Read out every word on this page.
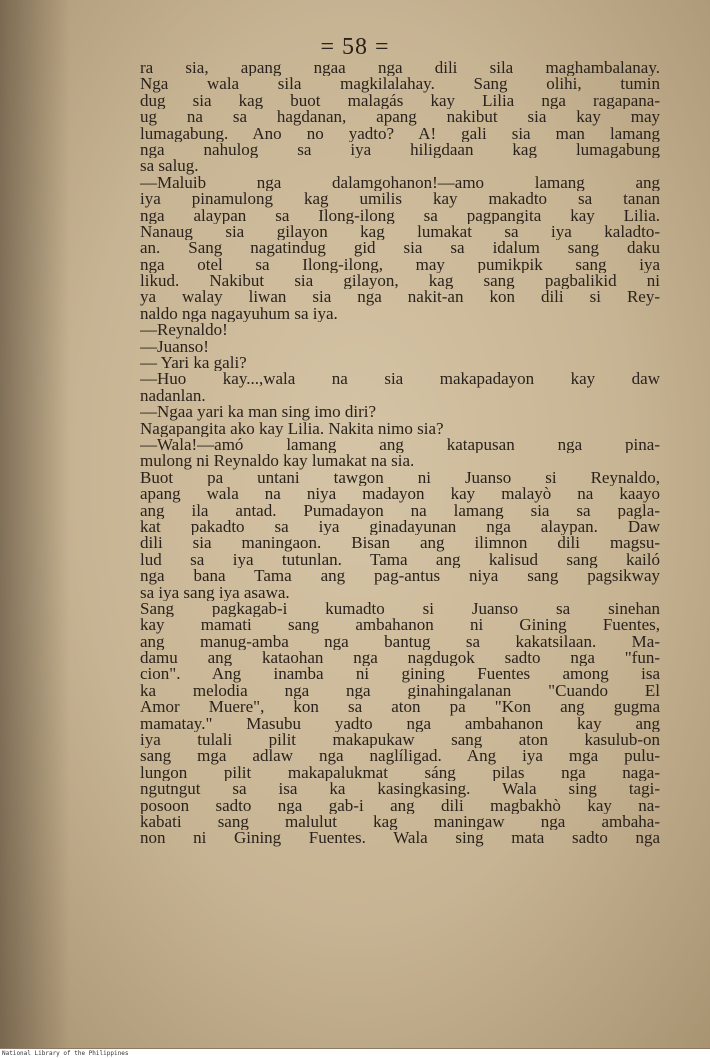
= 58 =
ra sia, apang ngaa nga dili sila maghambalanay.
Nga wala sila magkilalahay. Sang olihi, tumin
dug sia kag buot malagás kay Lilia nga ragapana-
ug na sa hagdanan, apang nakibut sia kay may
lumagabung. Ano no yadto? A! gali sia man lamang
nga nahulog sa iya hiligdaan kag lumagabung
sa salug.
—Maluib nga dalamgohanon!—amo lamang ang
iya pinamulong kag umilis kay makadto sa tanan
nga alaypan sa Ilong-ilong sa pagpangita kay Lilia.
Nanaug sia gilayon kag lumakat sa iya kaladto-
an. Sang nagatindug gid sia sa idalum sang daku
nga otel sa Ilong-ilong, may pumikpik sang iya
likud. Nakibut sia gilayon, kag sang pagbalikid ni
ya walay liwan sia nga nakit-an kon dili si Rey-
naldo nga nagayuhum sa iya.
—Reynaldo!
—Juanso!
— Yari ka gali?
—Huo kay...,wala na sia makapadayon kay daw
nadanlan.
—Ngaa yari ka man sing imo diri?
Nagapangita ako kay Lilia. Nakita nimo sia?
—Wala!—amó lamang ang katapusan nga pina-
mulong ni Reynaldo kay lumakat na sia.
Buot pa untani tawgon ni Juanso si Reynaldo,
apang wala na niya madayon kay malayò na kaayo
ang ila antad. Pumadayon na lamang sia sa pagla-
kat pakadto sa iya ginadayunan nga alaypan. Daw
dili sia maningaon. Bisan ang ilimnon dili magsu-
lud sa iya tutunlan. Tama ang kalisud sang kailó
nga bana Tama ang pag-antus niya sang pagsikway
sa iya sang iya asawa.
Sang pagkagab-i kumadto si Juanso sa sinehan
kay mamati sang ambahanon ni Gining Fuentes,
ang manug-amba nga bantug sa kakatsilaan. Ma-
damu ang kataohan nga nagdugok sadto nga "fun-
cion". Ang inamba ni gining Fuentes among isa
ka melodia nga nga ginahingalanan "Cuando El
Amor Muere", kon sa aton pa "Kon ang gugma
mamatay." Masubu yadto nga ambahanon kay ang
iya tulali pilit makapukaw sang aton kasulub-on
sang mga adlaw nga naglíligad. Ang iya mga pulu-
lungon pilit makapalukmat sáng pilas nga naga-
ngutngut sa isa ka kasingkasing. Wala sing tagi-
posoon sadto nga gab-i ang dili magbakhò kay na-
kabati sang malulut kag maningaw nga ambaha-
non ni Gining Fuentes. Wala sing mata sadto nga
National Library of the Philippines
